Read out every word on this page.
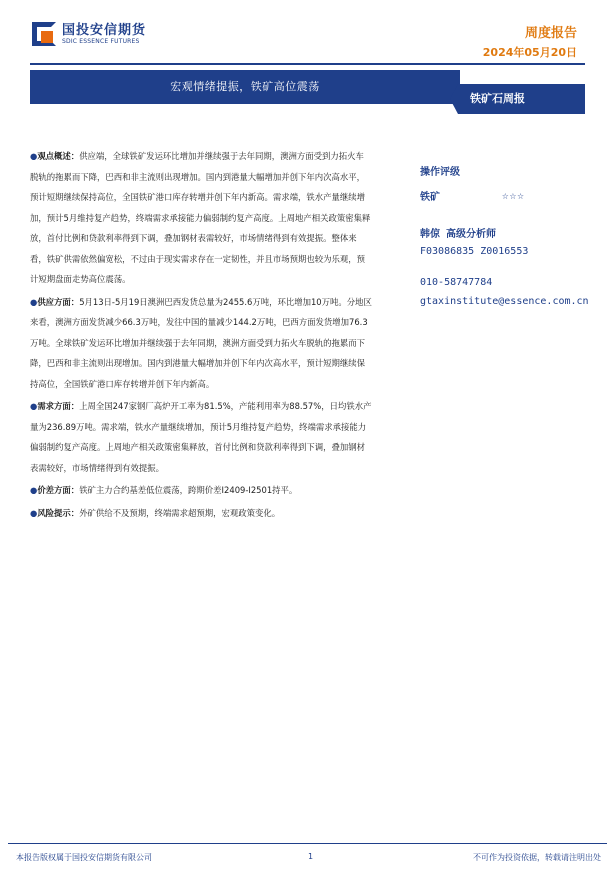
国投安信期货
SDIC ESSENCE FUTURES	周度报告
2024年05月20日
宏观情绪提振，铁矿高位震荡
铁矿石周报

●观点概述：供应端，全球铁矿发运环比增加并继续强于去年同期，澳洲方面受到力拓火车脱轨的拖累而下降，巴西和非主流则出现增加。国内到港量大幅增加并创下年内次高水平，预计短期继续保持高位，全国铁矿港口库存转增并创下年内新高。需求端，铁水产量继续增加，预计5月维持复产趋势，终端需求承接能力偏弱制约复产高度。上周地产相关政策密集释放，首付比例和贷款利率得到下调，叠加钢材表需较好，市场情绪得到有效提振。整体来看，铁矿供需依然偏宽松，不过由于现实需求存在一定韧性，并且市场预期也较为乐观，预计短期盘面走势高位震荡。

●供应方面：5月13日-5月19日澳洲巴西发货总量为2455.6万吨，环比增加10万吨。分地区来看，澳洲方面发货减少66.3万吨，发往中国的量减少144.2万吨，巴西方面发货增加76.3万吨。全球铁矿发运环比增加并继续强于去年同期，澳洲方面受到力拓火车脱轨的拖累而下降，巴西和非主流则出现增加。国内到港量大幅增加并创下年内次高水平，预计短期继续保持高位，全国铁矿港口库存转增并创下年内新高。

●需求方面：上周全国247家钢厂高炉开工率为81.5%，产能利用率为88.57%，日均铁水产量为236.89万吨。需求端，铁水产量继续增加，预计5月维持复产趋势，终端需求承接能力偏弱制约复产高度。上周地产相关政策密集释放，首付比例和贷款利率得到下调，叠加钢材表需较好，市场情绪得到有效提振。

●价差方面：铁矿主力合约基差低位震荡，跨期价差I2409-I2501持平。

●风险提示：外矿供给不及预期，终端需求超预期，宏观政策变化。

操作评级
铁矿	☆☆☆
韩倞 高级分析师
F03086835 Z0016553
010-58747784
gtaxinstitute@essence.com.cn
本报告版权属于国投安信期货有限公司	1	不可作为投资依据，转载请注明出处
